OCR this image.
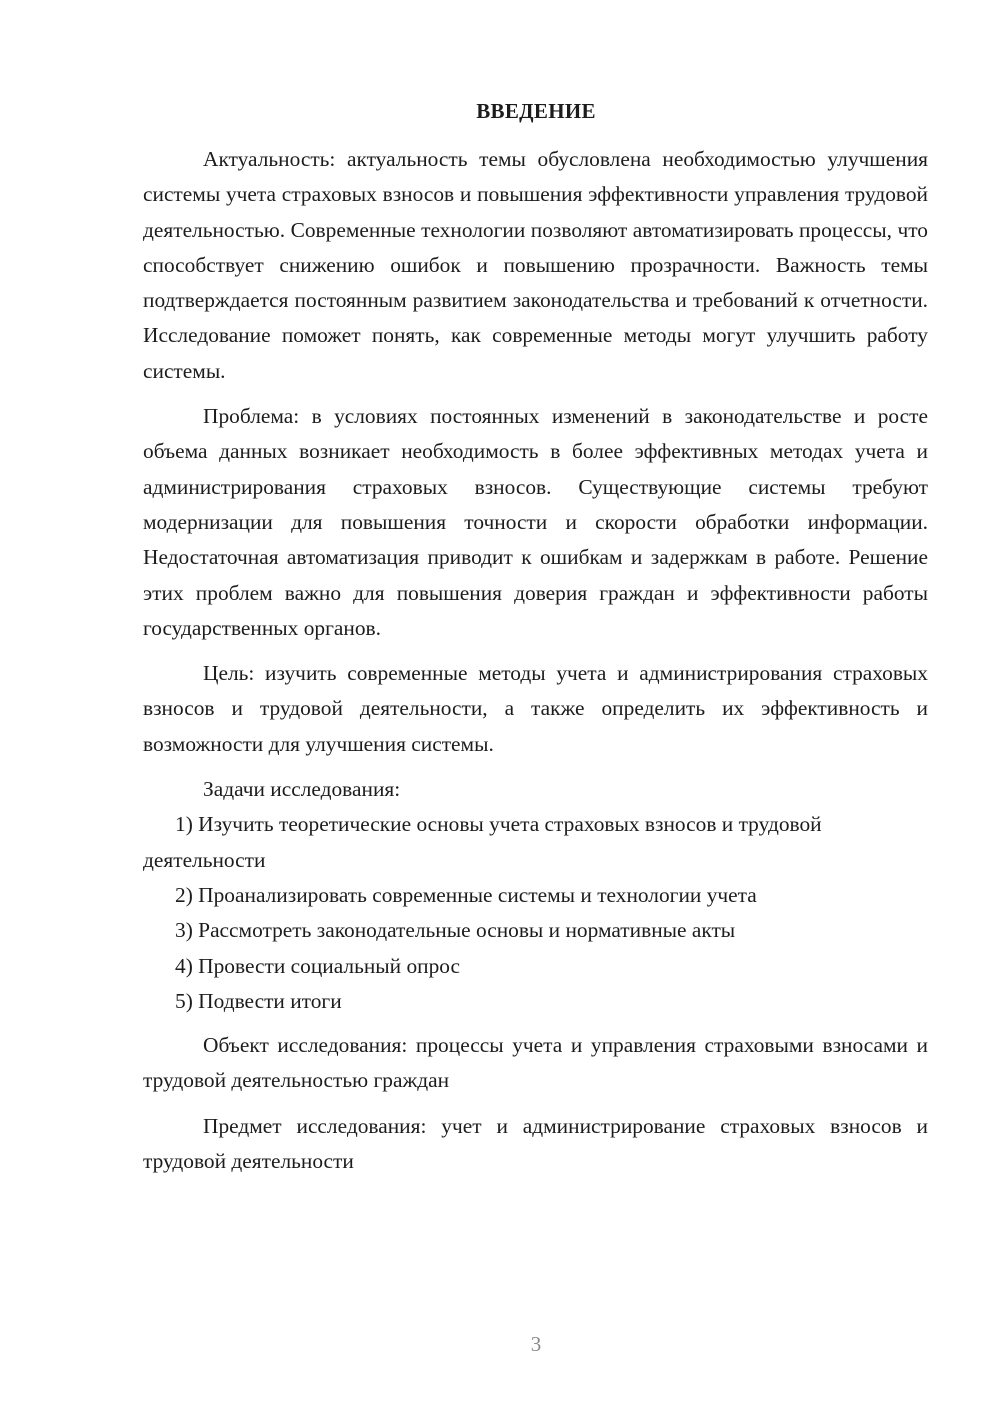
ВВЕДЕНИЕ

Актуальность: актуальность темы обусловлена необходимостью улучшения системы учета страховых взносов и повышения эффективности управления трудовой деятельностью. Современные технологии позволяют автоматизировать процессы, что способствует снижению ошибок и повышению прозрачности. Важность темы подтверждается постоянным развитием законодательства и требований к отчетности. Исследование поможет понять, как современные методы могут улучшить работу системы.

Проблема: в условиях постоянных изменений в законодательстве и росте объема данных возникает необходимость в более эффективных методах учета и администрирования страховых взносов. Существующие системы требуют модернизации для повышения точности и скорости обработки информации. Недостаточная автоматизация приводит к ошибкам и задержкам в работе. Решение этих проблем важно для повышения доверия граждан и эффективности работы государственных органов.

Цель: изучить современные методы учета и администрирования страховых взносов и трудовой деятельности, а также определить их эффективность и возможности для улучшения системы.

Задачи исследования:

1) Изучить теоретические основы учета страховых взносов и трудовой деятельности

2) Проанализировать современные системы и технологии учета

3) Рассмотреть законодательные основы и нормативные акты

4) Провести социальный опрос

5) Подвести итоги

Объект исследования: процессы учета и управления страховыми взносами и трудовой деятельностью граждан

Предмет исследования: учет и администрирование страховых взносов и трудовой деятельности

3
